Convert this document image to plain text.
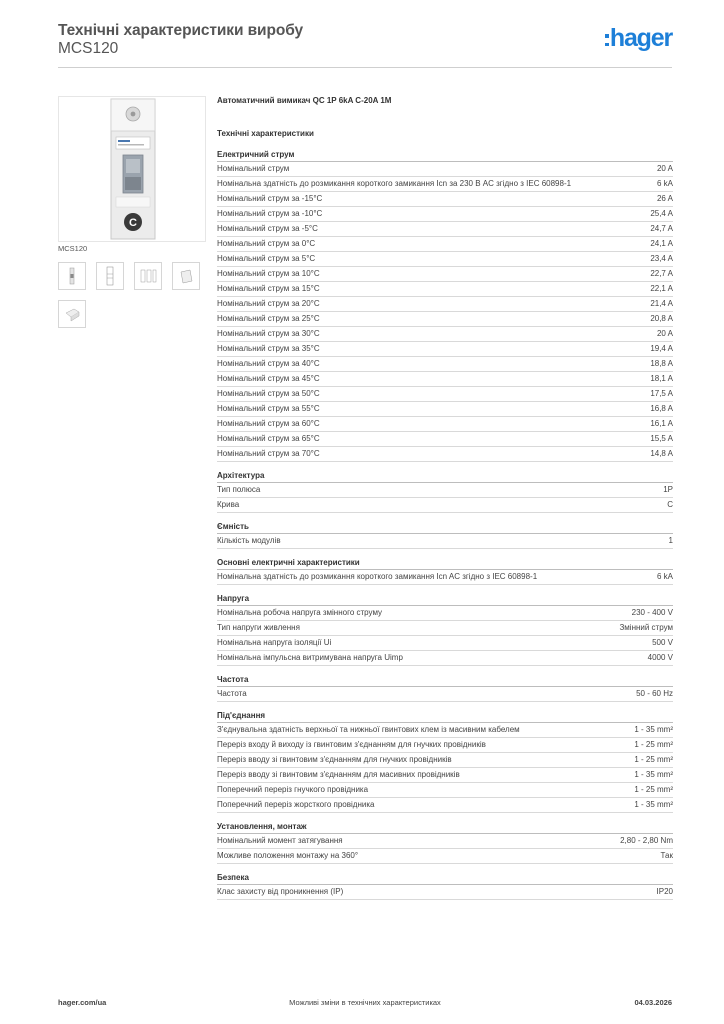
Технічні характеристики виробу
MCS120	hager
C
MCS120
Автоматичний вимикач QC 1P 6kA C-20A 1M
Технічні характеристики
Електричний струм
Номінальний струм	20 A
Номінальна здатність до розмикання короткого замикання Icn за 230 В AC згідно з IEC 60898-1	6 kA
Номінальний струм за -15°C	26 A
Номінальний струм за -10°C	25,4 A
Номінальний струм за -5°C	24,7 A
Номінальний струм за 0°C	24,1 A
Номінальний струм за 5°C	23,4 A
Номінальний струм за 10°C	22,7 A
Номінальний струм за 15°C	22,1 A
Номінальний струм за 20°C	21,4 A
Номінальний струм за 25°C	20,8 A
Номінальний струм за 30°C	20 A
Номінальний струм за 35°C	19,4 A
Номінальний струм за 40°C	18,8 A
Номінальний струм за 45°C	18,1 A
Номінальний струм за 50°C	17,5 A
Номінальний струм за 55°C	16,8 A
Номінальний струм за 60°C	16,1 A
Номінальний струм за 65°C	15,5 A
Номінальний струм за 70°C	14,8 A
Архітектура
Тип полюса	1P
Крива	C
Ємність
Кількість модулів	1
Основні електричні характеристики
Номінальна здатність до розмикання короткого замикання Icn AC згідно з IEC 60898-1	6 kA
Напруга
Номінальна робоча напруга змінного струму	230 - 400 V
Тип напруги живлення	Змінний струм
Номінальна напруга ізоляції Ui	500 V
Номінальна імпульсна витримувана напруга Uimp	4000 V
Частота
Частота	50 - 60 Hz
Під'єднання
З'єднувальна здатність верхньої та нижньої гвинтових клем із масивним кабелем	1 - 35 mm²
Переріз входу й виходу із гвинтовим з'єднанням для гнучких провідників	1 - 25 mm²
Переріз вводу зі гвинтовим з'єднанням для гнучких провідників	1 - 25 mm²
Переріз вводу зі гвинтовим з'єднанням для масивних провідників	1 - 35 mm²
Поперечний переріз гнучкого провідника	1 - 25 mm²
Поперечний переріз жорсткого провідника	1 - 35 mm²
Установлення, монтаж
Номінальний момент затягування	2,80 - 2,80 Nm
Можливе положення монтажу на 360°	Так
Безпека
Клас захисту від проникнення (IP)	IP20
hager.com/ua	Можливі зміни в технічних характеристиках	04.03.2026
